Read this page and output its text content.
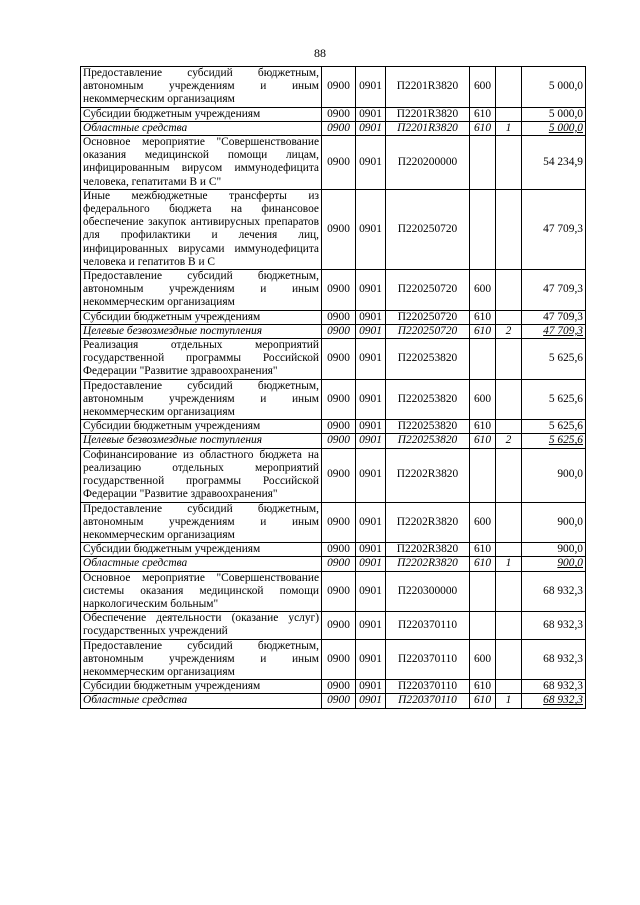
88
Предоставление субсидий бюджетным, автономным учреждениям и иным некоммерческим организациям	0900	0901	П2201R3820	600		5 000,0
Субсидии бюджетным учреждениям	0900	0901	П2201R3820	610		5 000,0
Областные средства	0900	0901	П2201R3820	610	1	5 000,0
Основное мероприятие "Совершенствование оказания медицинской помощи лицам, инфицированным вирусом иммунодефицита человека, гепатитами В и С"	0900	0901	П220200000			54 234,9
Иные межбюджетные трансферты из федерального бюджета на финансовое обеспечение закупок антивирусных препаратов для профилактики и лечения лиц, инфицированных вирусами иммунодефицита человека и гепатитов В и С	0900	0901	П220250720			47 709,3
Предоставление субсидий бюджетным, автономным учреждениям и иным некоммерческим организациям	0900	0901	П220250720	600		47 709,3
Субсидии бюджетным учреждениям	0900	0901	П220250720	610		47 709,3
Целевые безвозмездные поступления	0900	0901	П220250720	610	2	47 709,3
Реализация отдельных мероприятий государственной программы Российской Федерации "Развитие здравоохранения"	0900	0901	П220253820			5 625,6
Предоставление субсидий бюджетным, автономным учреждениям и иным некоммерческим организациям	0900	0901	П220253820	600		5 625,6
Субсидии бюджетным учреждениям	0900	0901	П220253820	610		5 625,6
Целевые безвозмездные поступления	0900	0901	П220253820	610	2	5 625,6
Софинансирование из областного бюджета на реализацию отдельных мероприятий государственной программы Российской Федерации "Развитие здравоохранения"	0900	0901	П2202R3820			900,0
Предоставление субсидий бюджетным, автономным учреждениям и иным некоммерческим организациям	0900	0901	П2202R3820	600		900,0
Субсидии бюджетным учреждениям	0900	0901	П2202R3820	610		900,0
Областные средства	0900	0901	П2202R3820	610	1	900,0
Основное мероприятие "Совершенствование системы оказания медицинской помощи наркологическим больным"	0900	0901	П220300000			68 932,3
Обеспечение деятельности (оказание услуг) государственных учреждений	0900	0901	П220370110			68 932,3
Предоставление субсидий бюджетным, автономным учреждениям и иным некоммерческим организациям	0900	0901	П220370110	600		68 932,3
Субсидии бюджетным учреждениям	0900	0901	П220370110	610		68 932,3
Областные средства	0900	0901	П220370110	610	1	68 932,3
